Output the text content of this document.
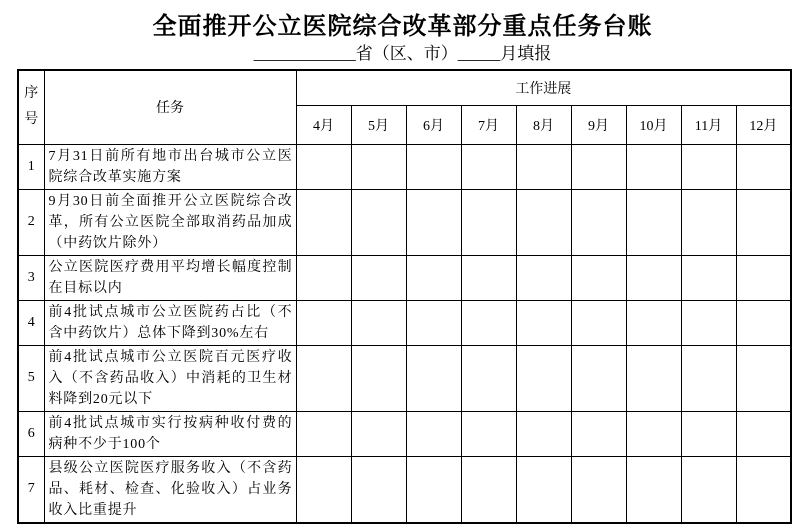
全面推开公立医院综合改革部分重点任务台账
____________省（区、市）_____月填报
序号	任务	工作进展								
		4月	5月	6月	7月	8月	9月	10月	11月	12月
1	7月31日前所有地市出台城市公立医院综合改革实施方案									
2	9月30日前全面推开公立医院综合改革，所有公立医院全部取消药品加成（中药饮片除外）									
3	公立医院医疗费用平均增长幅度控制在目标以内									
4	前4批试点城市公立医院药占比（不含中药饮片）总体下降到30%左右									
5	前4批试点城市公立医院百元医疗收入（不含药品收入）中消耗的卫生材料降到20元以下									
6	前4批试点城市实行按病种收付费的病种不少于100个									
7	县级公立医院医疗服务收入（不含药品、耗材、检查、化验收入）占业务收入比重提升									
